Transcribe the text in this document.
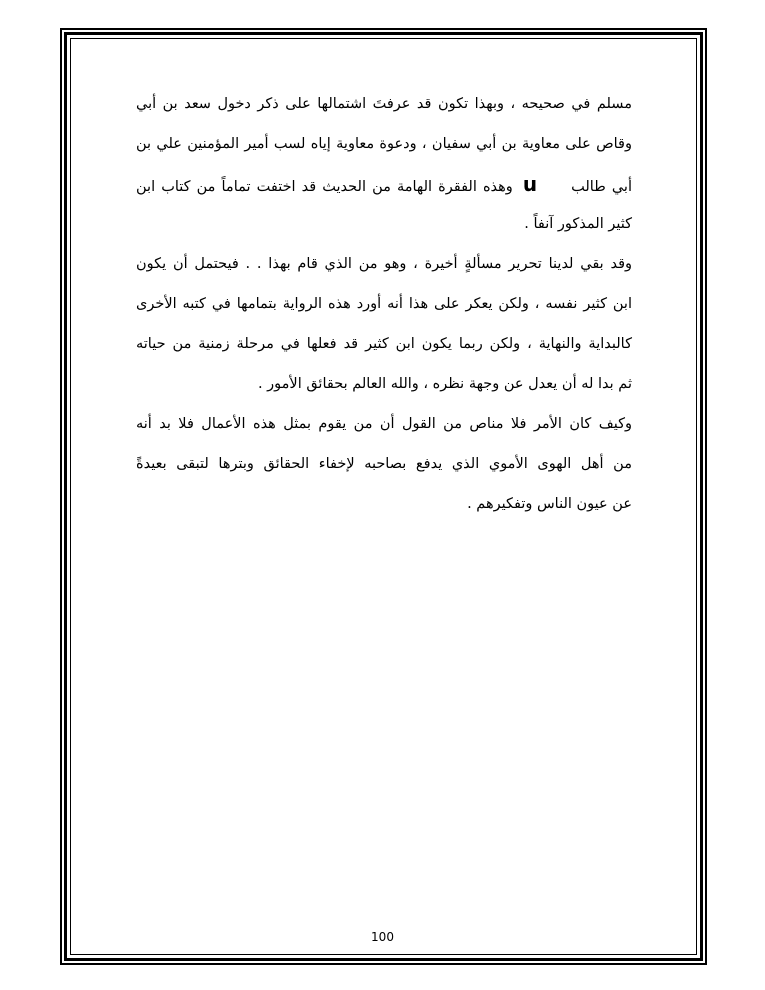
مسلم في صحيحه ، وبهذا تكون قد عرفتَ اشتمالها على ذكر دخول سعد بن أبي
وقاص على معاوية بن أبي سفيان ، ودعوة معاوية إياه لسب أمير المؤمنين علي بن
أبي طالبu وهذه الفقرة الهامة من الحديث قد اختفت تماماً من كتاب ابن
كثير المذكور آنفاً .
وقد بقي لدينا تحرير مسألةٍ أخيرة ، وهو من الذي قام بهذا . . فيحتمل أن يكون
ابن كثير نفسه ، ولكن يعكر على هذا أنه أورد هذه الرواية بتمامها في كتبه الأخرى
كالبداية والنهاية ، ولكن ربما يكون ابن كثير قد فعلها في مرحلة زمنية من حياته
ثم بدا له أن يعدل عن وجهة نظره ، والله العالم بحقائق الأمور .
وكيف كان الأمر فلا مناص من القول أن من يقوم بمثل هذه الأعمال فلا بد أنه
من أهل الهوى الأموي الذي يدفع بصاحبه لإخفاء الحقائق وبترها لتبقى بعيدةً
عن عيون الناس وتفكيرهم .
100
